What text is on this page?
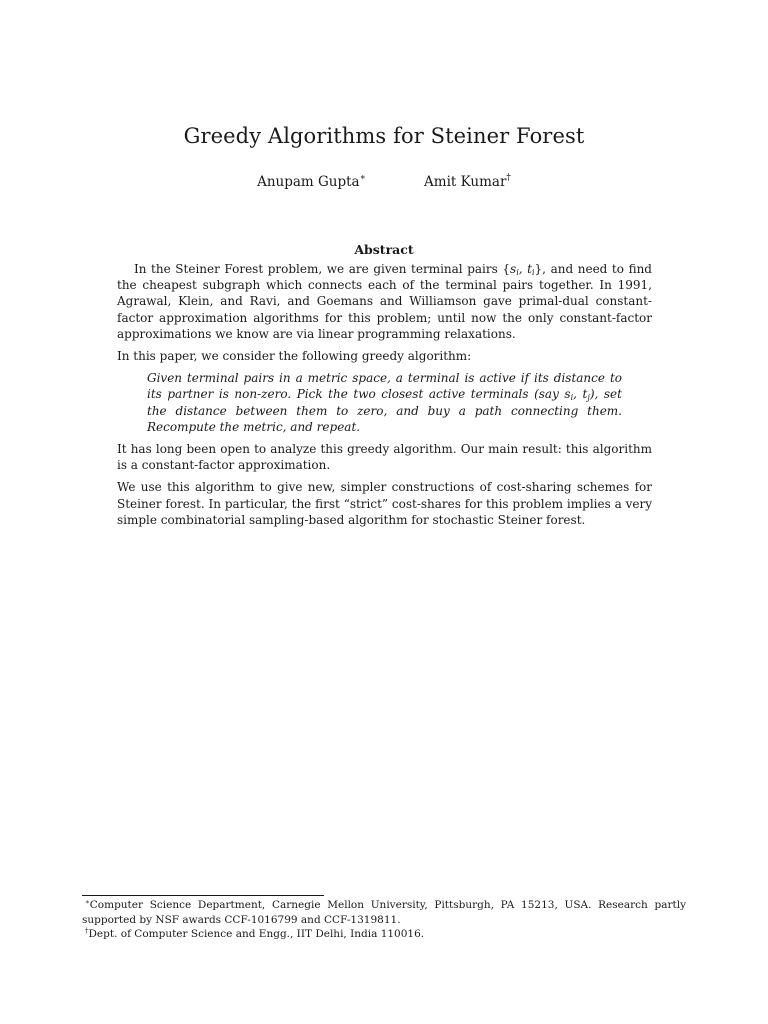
Greedy Algorithms for Steiner Forest
Anupam Gupta∗	Amit Kumar†
Abstract

In the Steiner Forest problem, we are given terminal pairs {$s_i$, $t_i$}, and need to find the cheapest subgraph which connects each of the terminal pairs together. In 1991, Agrawal, Klein, and Ravi, and Goemans and Williamson gave primal-dual constant-factor approximation algorithms for this problem; until now the only constant-factor approximations we know are via linear programming relaxations.

In this paper, we consider the following greedy algorithm:

Given terminal pairs in a metric space, a terminal is active if its distance to its partner is non-zero. Pick the two closest active terminals (say $s_i$, $t_j$), set the distance between them to zero, and buy a path connecting them. Recompute the metric, and repeat.

It has long been open to analyze this greedy algorithm. Our main result: this algorithm is a constant-factor approximation.

We use this algorithm to give new, simpler constructions of cost-sharing schemes for Steiner forest. In particular, the first “strict” cost-shares for this problem implies a very simple combinatorial sampling-based algorithm for stochastic Steiner forest.

∗Computer Science Department, Carnegie Mellon University, Pittsburgh, PA 15213, USA. Research partly supported by NSF awards CCF-1016799 and CCF-1319811.

†Dept. of Computer Science and Engg., IIT Delhi, India 110016.
